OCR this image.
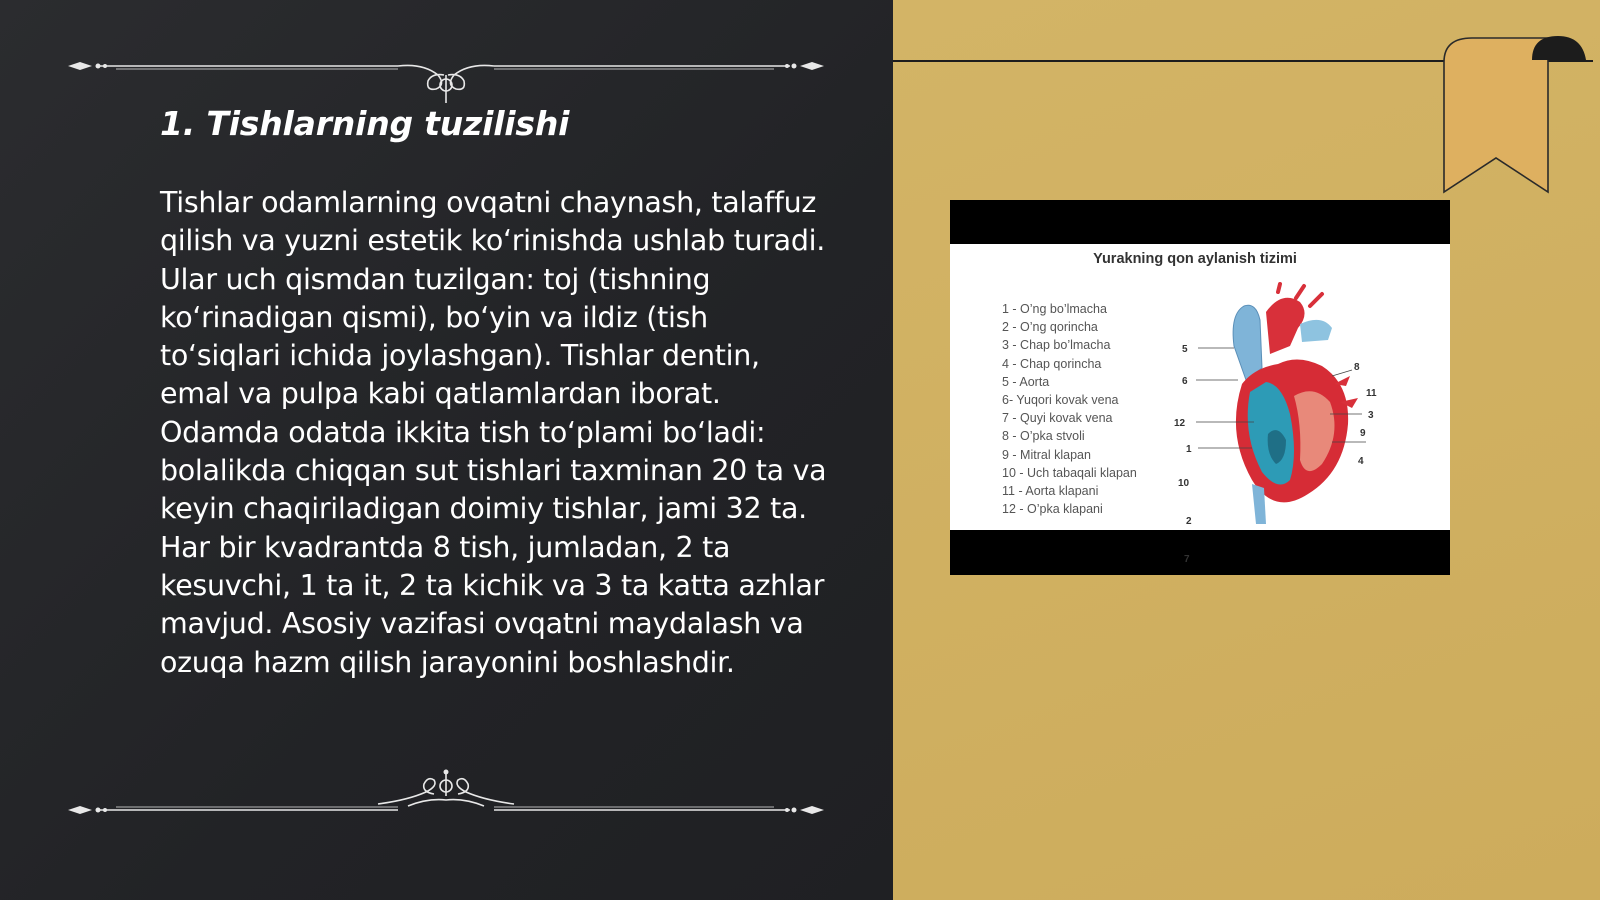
1. Tishlarning tuzilishi

Tishlar odamlarning ovqatni chaynash, talaffuz qilish va yuzni estetik ko‘rinishda ushlab turadi. Ular uch qismdan tuzilgan: toj (tishning ko‘rinadigan qismi), bo‘yin va ildiz (tish to‘siqlari ichida joylashgan). Tishlar dentin, emal va pulpa kabi qatlamlardan iborat. Odamda odatda ikkita tish to‘plami bo‘ladi: bolalikda chiqqan sut tishlari taxminan 20 ta va keyin chaqiriladigan doimiy tishlar, jami 32 ta. Har bir kvadrantda 8 tish, jumladan, 2 ta kesuvchi, 1 ta it, 2 ta kichik va 3 ta katta azhlar mavjud. Asosiy vazifasi ovqatni maydalash va ozuqa hazm qilish jarayonini boshlashdir.

Yurakning qon aylanish tizimi
1 - O’ng bo’lmacha
2 - O’ng qorincha
3 - Chap bo’lmacha
4 - Chap qorincha
5 - Aorta
6- Yuqori kovak vena
7 - Quyi kovak vena
8 - O’pka stvoli
9 - Mitral klapan
10 - Uch tabaqali klapan
11 - Aorta klapani
12 - O’pka klapani
5
6
12
1
10
2
7
8
11
3
9
4
